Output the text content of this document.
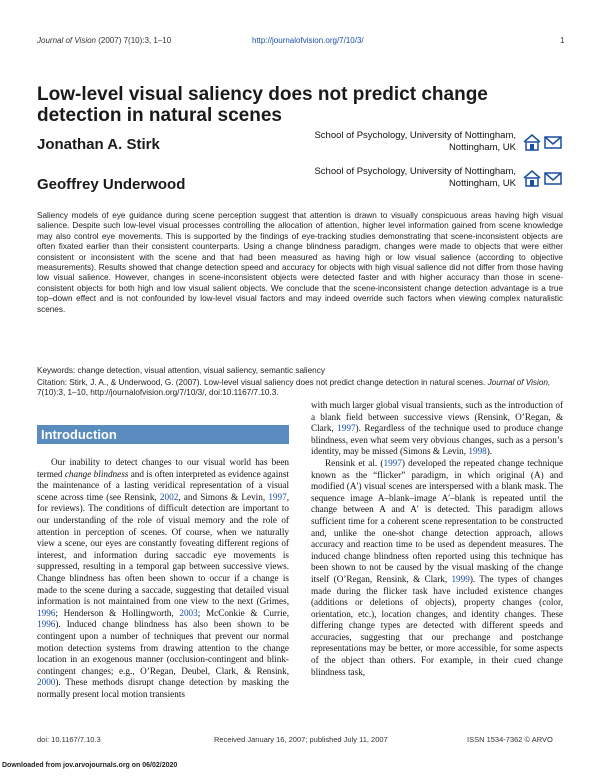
Journal of Vision (2007) 7(10):3, 1–10	http://journalofvision.org/7/10/3/	1
Low-level visual saliency does not predict change detection in natural scenes
Jonathan A. Stirk
School of Psychology, University of Nottingham,
Nottingham, UK
Geoffrey Underwood
School of Psychology, University of Nottingham,
Nottingham, UK
Saliency models of eye guidance during scene perception suggest that attention is drawn to visually conspicuous areas having high visual salience. Despite such low-level visual processes controlling the allocation of attention, higher level information gained from scene knowledge may also control eye movements. This is supported by the findings of eye-tracking studies demonstrating that scene-inconsistent objects are often fixated earlier than their consistent counterparts. Using a change blindness paradigm, changes were made to objects that were either consistent or inconsistent with the scene and that had been measured as having high or low visual salience (according to objective measurements). Results showed that change detection speed and accuracy for objects with high visual salience did not differ from those having low visual salience. However, changes in scene-inconsistent objects were detected faster and with higher accuracy than those in scene-consistent objects for both high and low visual salient objects. We conclude that the scene-inconsistent change detection advantage is a true top–down effect and is not confounded by low-level visual factors and may indeed override such factors when viewing complex naturalistic scenes.
Keywords: change detection, visual attention, visual saliency, semantic saliency
Citation: Stirk, J. A., & Underwood, G. (2007). Low-level visual saliency does not predict change detection in natural scenes. Journal of Vision, 7(10):3, 1–10, http://journalofvision.org/7/10/3/, doi:10.1167/7.10.3.
Introduction

Our inability to detect changes to our visual world has been termed change blindness and is often interpreted as evidence against the maintenance of a lasting veridical representation of a visual scene across time (see Rensink, 2002, and Simons & Levin, 1997, for reviews). The conditions of difficult detection are important to our understanding of the role of visual memory and the role of attention in perception of scenes. Of course, when we naturally view a scene, our eyes are constantly foveating different regions of interest, and information during saccadic eye movements is suppressed, resulting in a temporal gap between successive views. Change blindness has often been shown to occur if a change is made to the scene during a saccade, suggesting that detailed visual information is not maintained from one view to the next (Grimes, 1996; Henderson & Hollingworth, 2003; McConkie & Currie, 1996). Induced change blindness has also been shown to be contingent upon a number of techniques that prevent our normal motion detection systems from drawing attention to the change location in an exogenous manner (occlusion-contingent and blink-contingent changes; e.g., O’Regan, Deubel, Clark, & Rensink, 2000). These methods disrupt change detection by masking the normally present local motion transients

with much larger global visual transients, such as the introduction of a blank field between successive views (Rensink, O’Regan, & Clark, 1997). Regardless of the technique used to produce change blindness, even what seem very obvious changes, such as a person’s identity, may be missed (Simons & Levin, 1998).

Rensink et al. (1997) developed the repeated change technique known as the “flicker” paradigm, in which original (A) and modified (A′) visual scenes are interspersed with a blank mask. The sequence image A–blank–image A′–blank is repeated until the change between A and A′ is detected. This paradigm allows sufficient time for a coherent scene representation to be constructed and, unlike the one-shot change detection approach, allows accuracy and reaction time to be used as dependent measures. The induced change blindness often reported using this technique has been shown to not be caused by the visual masking of the change itself (O’Regan, Rensink, & Clark, 1999). The types of changes made during the flicker task have included existence changes (additions or deletions of objects), property changes (color, orientation, etc.), location changes, and identity changes. These differing change types are detected with different speeds and accuracies, suggesting that our prechange and postchange representations may be better, or more accessible, for some aspects of the object than others. For example, in their cued change blindness task,

doi: 10.1167/7.10.3	Received January 16, 2007; published July 11, 2007	ISSN 1534-7362 © ARVO
Downloaded from jov.arvojournals.org on 06/02/2020
